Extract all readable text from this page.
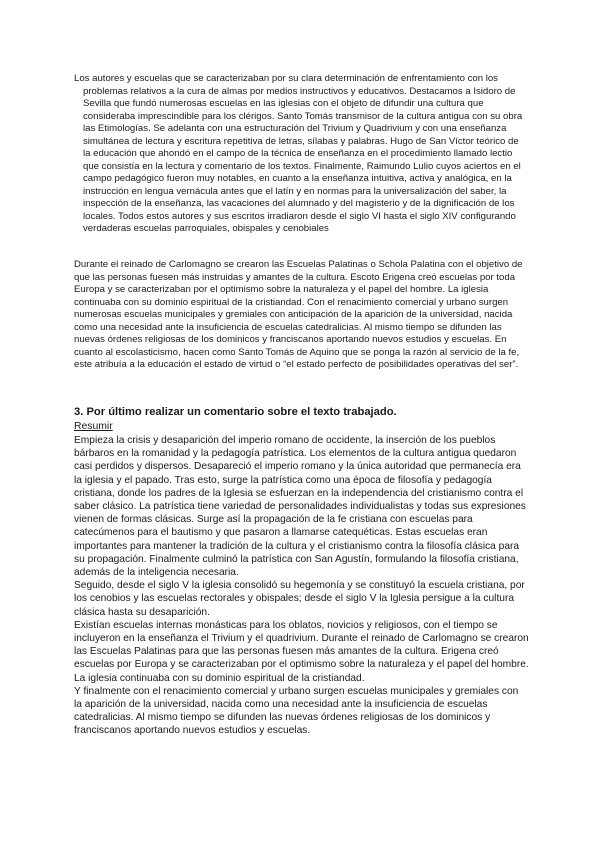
Los autores y escuelas que se caracterizaban por su clara determinación de enfrentamiento con los

problemas relativos a la cura de almas por medios instructivos y educativos. Destacamos a Isidoro de Sevilla que fundó numerosas escuelas en las iglesias con el objeto de difundir una cultura que consideraba imprescindible para los clérigos. Santo Tomás transmisor de la cultura antigua con su obra las Etimologías. Se adelanta con una estructuración del Trivium y Quadrivium y con una enseñanza simultánea de lectura y escritura repetitiva de letras, sílabas y palabras. Hugo de San Víctor teórico de la educación que ahondó en el campo de la técnica de enseñanza en el procedimiento llamado lectio que consistía en la lectura y comentario de los textos. Finalmente, Raimundo Lulio cuyos aciertos en el campo pedagógico fueron muy notables, en cuanto a la enseñanza intuitiva, activa y analógica, en la instrucción en lengua vernácula antes que el latín y en normas para la universalización del saber, la inspección de la enseñanza, las vacaciones del alumnado y del magisterio y de la dignificación de los locales. Todos estos autores y sus escritos irradiaron desde el siglo VI hasta el siglo XIV configurando verdaderas escuelas parroquiales, obispales y cenobiales

Durante el reinado de Carlomagno se crearon las Escuelas Palatinas o Schola Palatina con el objetivo de que las personas fuesen más instruidas y amantes de la cultura. Escoto Erigena creó escuelas por toda Europa y se caracterizaban por el optimismo sobre la naturaleza y el papel del hombre. La iglesia continuaba con su dominio espiritual de la cristiandad. Con el renacimiento comercial y urbano surgen numerosas escuelas municipales y gremiales con anticipación de la aparición de la universidad, nacida como una necesidad ante la insuficiencia de escuelas catedralicias. Al mismo tiempo se difunden las nuevas órdenes religiosas de los dominicos y franciscanos aportando nuevos estudios y escuelas. En cuanto al escolasticismo, hacen como Santo Tomás de Aquino que se ponga la razón al servicio de la fe, este atribuía a la educación el estado de virtud o “el estado perfecto de posibilidades operativas del ser”.

3. Por último realizar un comentario sobre el texto trabajado.
Resumir

Empieza la crisis y desaparición del imperio romano de occidente, la inserción de los pueblos bárbaros en la romanidad y la pedagogía patrística. Los elementos de la cultura antigua quedaron casi perdidos y dispersos. Desapareció el imperio romano y la única autoridad que permanecía era la iglesia y el papado. Tras esto, surge la patrística como una época de filosofía y pedagogía cristiana, donde los padres de la Iglesia se esfuerzan en la independencia del cristianismo contra el saber clásico. La patrística tiene variedad de personalidades individualistas y todas sus expresiones vienen de formas clásicas. Surge así la propagación de la fe cristiana con escuelas para catecúmenos para el bautismo y que pasaron a llamarse catequéticas. Estas escuelas eran importantes para mantener la tradición de la cultura y el cristianismo contra la filosofía clásica para su propagación. Finalmente culminó la patrística con San Agustín, formulando la filosofía cristiana, además de la inteligencia necesaria.

Seguido, desde el siglo V la iglesia consolidó su hegemonía y se constituyó la escuela cristiana, por los cenobios y las escuelas rectorales y obispales; desde el siglo V la Iglesia persigue a la cultura clásica hasta su desaparición.

Existían escuelas internas monásticas para los oblatos, novicios y religiosos, con el tiempo se incluyeron en la enseñanza el Trivium y el quadrivium. Durante el reinado de Carlomagno se crearon las Escuelas Palatinas para que las personas fuesen más amantes de la cultura. Erigena creó escuelas por Europa y se caracterizaban por el optimismo sobre la naturaleza y el papel del hombre. La iglesia continuaba con su dominio espiritual de la cristiandad.

Y finalmente con el renacimiento comercial y urbano surgen escuelas municipales y gremiales con la aparición de la universidad, nacida como una necesidad ante la insuficiencia de escuelas catedralicias. Al mismo tiempo se difunden las nuevas órdenes religiosas de los dominicos y franciscanos aportando nuevos estudios y escuelas.
